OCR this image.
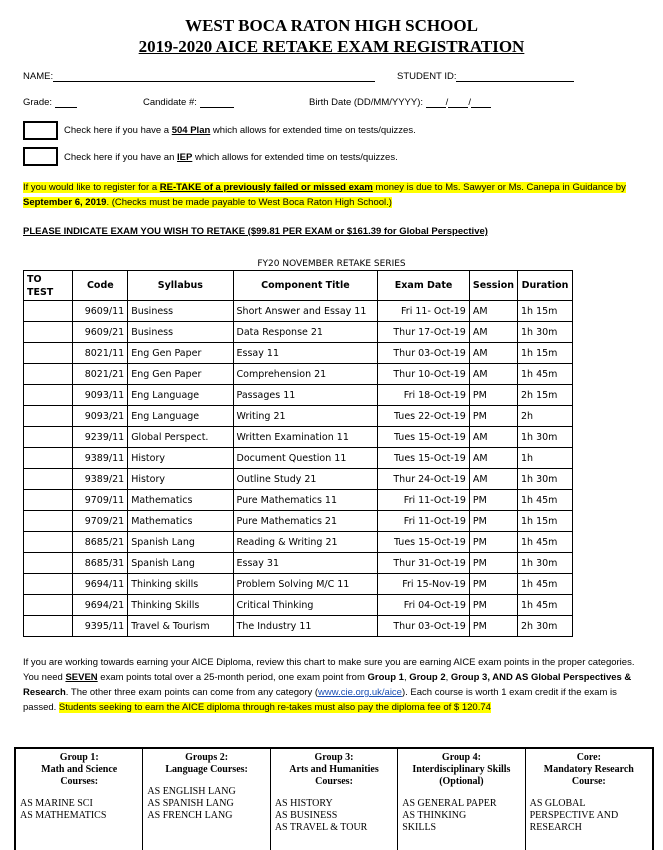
WEST BOCA RATON HIGH SCHOOL
2019-2020 AICE RETAKE EXAM REGISTRATION
NAME:	STUDENT ID:
Grade:	Candidate #:	Birth Date (DD/MM/YYYY): / /
Check here if you have a 504 Plan which allows for extended time on tests/quizzes.
Check here if you have an IEP which allows for extended time on tests/quizzes.
If you would like to register for a RE-TAKE of a previously failed or missed exam money is due to Ms. Sawyer or Ms. Canepa in Guidance by September 6, 2019. (Checks must be made payable to West Boca Raton High School.)
PLEASE INDICATE EXAM YOU WISH TO RETAKE ($99.81 PER EXAM or $161.39 for Global Perspective)
FY20 NOVEMBER RETAKE SERIES
TO
TEST	Code	Syllabus	Component Title	Exam Date	Session	Duration
	9609/11	Business	Short Answer and Essay 11	Fri 11- Oct-19	AM	1h 15m
	9609/21	Business	Data Response 21	Thur 17-Oct-19	AM	1h 30m
	8021/11	Eng Gen Paper	Essay 11	Thur 03-Oct-19	AM	1h 15m
	8021/21	Eng Gen Paper	Comprehension 21	Thur 10-Oct-19	AM	1h 45m
	9093/11	Eng Language	Passages 11	Fri 18-Oct-19	PM	2h 15m
	9093/21	Eng Language	Writing 21	Tues 22-Oct-19	PM	2h
	9239/11	Global Perspect.	Written Examination 11	Tues 15-Oct-19	AM	1h 30m
	9389/11	History	Document Question 11	Tues 15-Oct-19	AM	1h
	9389/21	History	Outline Study 21	Thur 24-Oct-19	AM	1h 30m
	9709/11	Mathematics	Pure Mathematics 11	Fri 11-Oct-19	PM	1h 45m
	9709/21	Mathematics	Pure Mathematics 21	Fri 11-Oct-19	PM	1h 15m
	8685/21	Spanish Lang	Reading & Writing 21	Tues 15-Oct-19	PM	1h 45m
	8685/31	Spanish Lang	Essay 31	Thur 31-Oct-19	PM	1h 30m
	9694/11	Thinking skills	Problem Solving M/C 11	Fri 15-Nov-19	PM	1h 45m
	9694/21	Thinking Skills	Critical Thinking	Fri 04-Oct-19	PM	1h 45m
	9395/11	Travel & Tourism	The Industry 11	Thur 03-Oct-19	PM	2h 30m
If you are working towards earning your AICE Diploma, review this chart to make sure you are earning AICE exam points in the proper categories. You need SEVEN exam points total over a 25-month period, one exam point from Group 1, Group 2, Group 3, AND AS Global Perspectives & Research. The other three exam points can come from any category (www.cie.org.uk/aice). Each course is worth 1 exam credit if the exam is passed. Students seeking to earn the AICE diploma through re-takes must also pay the diploma fee of $ 120.74
Group 1:
Math and Science
Courses:
AS MARINE SCI
AS MATHEMATICS
Groups 2:
Language Courses:
AS ENGLISH LANG
AS SPANISH LANG
AS FRENCH LANG
Group 3:
Arts and Humanities
Courses:
AS HISTORY
AS BUSINESS
AS TRAVEL & TOUR
Group 4:
Interdisciplinary Skills
(Optional)
AS GENERAL PAPER
AS THINKING
SKILLS
Core:
Mandatory Research
Course:
AS GLOBAL
PERSPECTIVE AND
RESEARCH
